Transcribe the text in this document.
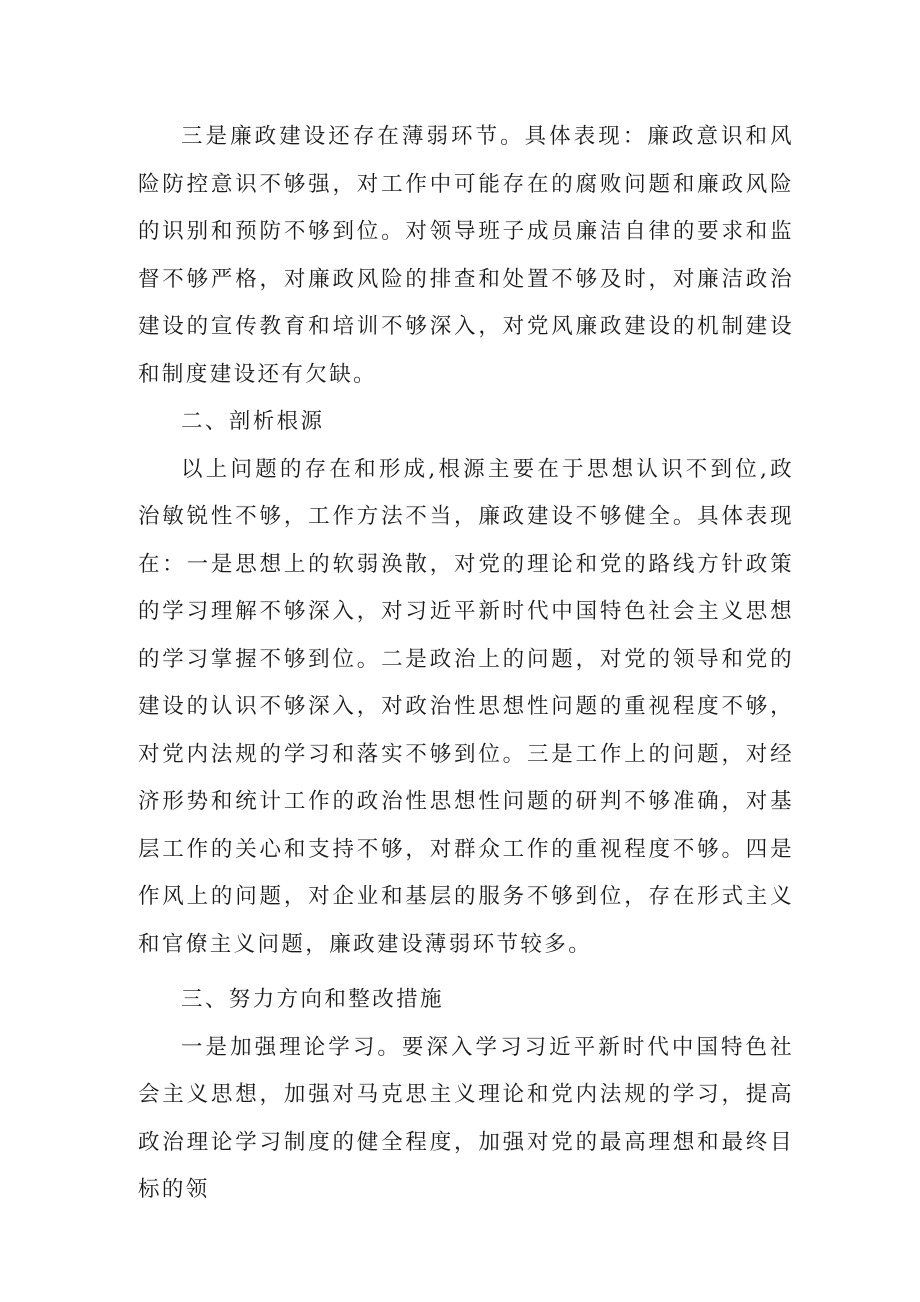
三是廉政建设还存在薄弱环节。具体表现：廉政意识和风险防控意识不够强，对工作中可能存在的腐败问题和廉政风险的识别和预防不够到位。对领导班子成员廉洁自律的要求和监督不够严格，对廉政风险的排查和处置不够及时，对廉洁政治建设的宣传教育和培训不够深入，对党风廉政建设的机制建设和制度建设还有欠缺。

二、剖析根源

以上问题的存在和形成,根源主要在于思想认识不到位,政治敏锐性不够，工作方法不当，廉政建设不够健全。具体表现在：一是思想上的软弱涣散，对党的理论和党的路线方针政策的学习理解不够深入，对习近平新时代中国特色社会主义思想的学习掌握不够到位。二是政治上的问题，对党的领导和党的建设的认识不够深入，对政治性思想性问题的重视程度不够，对党内法规的学习和落实不够到位。三是工作上的问题，对经济形势和统计工作的政治性思想性问题的研判不够准确，对基层工作的关心和支持不够，对群众工作的重视程度不够。四是作风上的问题，对企业和基层的服务不够到位，存在形式主义和官僚主义问题，廉政建设薄弱环节较多。

三、努力方向和整改措施

一是加强理论学习。要深入学习习近平新时代中国特色社会主义思想，加强对马克思主义理论和党内法规的学习，提高政治理论学习制度的健全程度，加强对党的最高理想和最终目标的领
